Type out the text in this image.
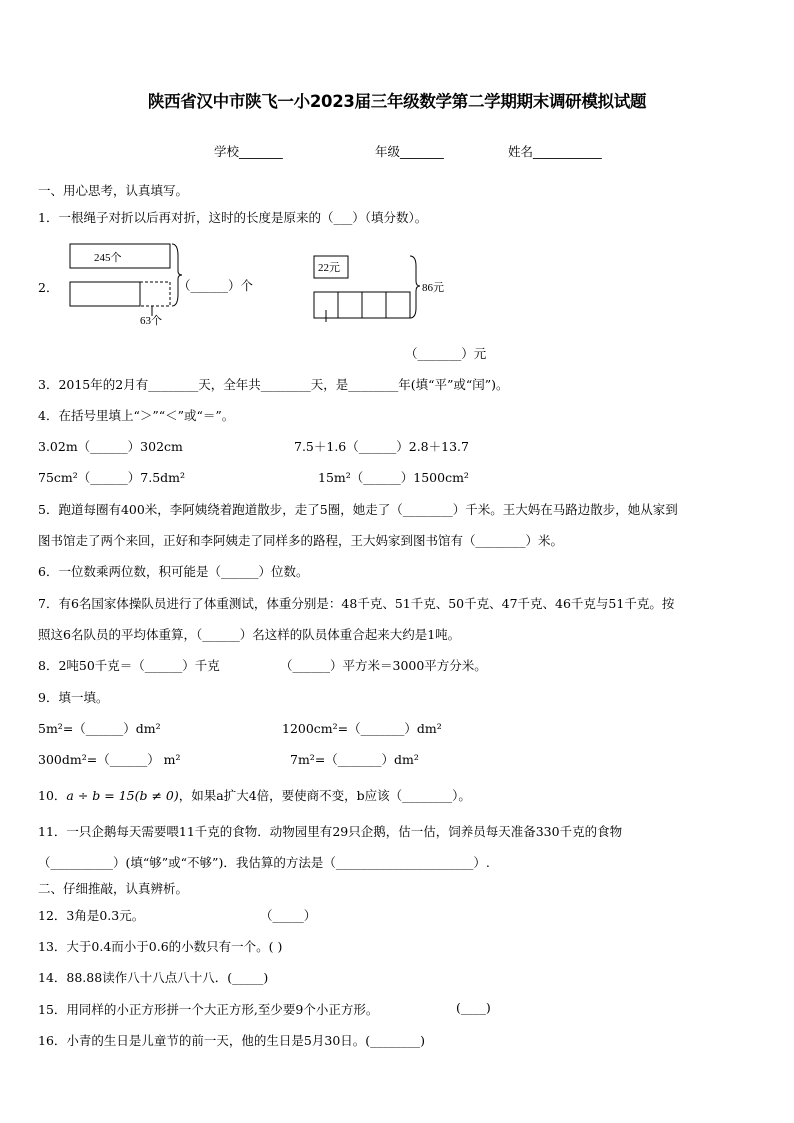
陕西省汉中市陕飞一小2023届三年级数学第二学期期末调研模拟试题
学校_______	年级_______	姓名___________
一、用心思考，认真填写。
1．一根绳子对折以后再对折，这时的长度是原来的（___）（填分数）。
2．
245个
63个
22元
86元
（______）个
（_______）元
3．2015年的2月有________天，全年共________天，是________年(填“平”或“闰”)。
4．在括号里填上“＞”“＜”或“＝”。
3.02m（______）302cm	7.5＋1.6（______）2.8＋13.7
75cm²（______）7.5dm²	15m²（______）1500cm²
5．跑道每圈有400米，李阿姨绕着跑道散步，走了5圈，她走了（________）千米。王大妈在马路边散步，她从家到
图书馆走了两个来回，正好和李阿姨走了同样多的路程，王大妈家到图书馆有（________）米。
6．一位数乘两位数，积可能是（______）位数。
7．有6名国家体操队员进行了体重测试，体重分别是：48千克、51千克、50千克、47千克、46千克与51千克。按
照这6名队员的平均体重算，（______）名这样的队员体重合起来大约是1吨。
8．2吨50千克＝（______）千克	（______）平方米＝3000平方分米。
9．填一填。
5m²=（______）dm²	1200cm²=（_______）dm²
300dm²=（______） m²	7m²=（_______）dm²
10．a ÷ b = 15(b ≠ 0)，如果a扩大4倍，要使商不变，b应该（________）。
11．一只企鹅每天需要喂11千克的食物．动物园里有29只企鹅，估一估，饲养员每天准备330千克的食物
（__________）(填“够”或“不够”)．我估算的方法是（______________________）.
二、仔细推敲，认真辨析。
12．3角是0.3元。	（_____）
13．大于0.4而小于0.6的小数只有一个。( )
14．88.88读作八十八点八十八．(_____)
15．用同样的小正方形拼一个大正方形,至少要9个小正方形。	(____)
16．小青的生日是儿童节的前一天，他的生日是5月30日。(________)
